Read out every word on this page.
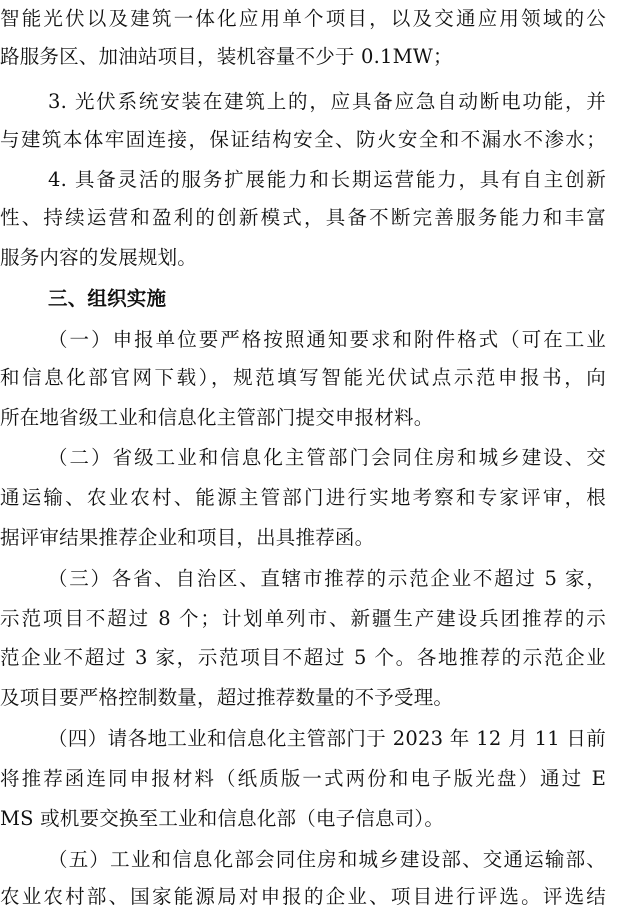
智能光伏以及建筑一体化应用单个项目，以及交通应用领域的公
路服务区、加油站项目，装机容量不少于 0.1MW；
3. 光伏系统安装在建筑上的，应具备应急自动断电功能，并
与建筑本体牢固连接，保证结构安全、防火安全和不漏水不渗水；
4. 具备灵活的服务扩展能力和长期运营能力，具有自主创新
性、持续运营和盈利的创新模式，具备不断完善服务能力和丰富
服务内容的发展规划。
三、组织实施
（一）申报单位要严格按照通知要求和附件格式（可在工业
和信息化部官网下载），规范填写智能光伏试点示范申报书，向
所在地省级工业和信息化主管部门提交申报材料。
（二）省级工业和信息化主管部门会同住房和城乡建设、交
通运输、农业农村、能源主管部门进行实地考察和专家评审，根
据评审结果推荐企业和项目，出具推荐函。
（三）各省、自治区、直辖市推荐的示范企业不超过 5 家，
示范项目不超过 8 个；计划单列市、新疆生产建设兵团推荐的示
范企业不超过 3 家，示范项目不超过 5 个。各地推荐的示范企业
及项目要严格控制数量，超过推荐数量的不予受理。
（四）请各地工业和信息化主管部门于 2023 年 12 月 11 日前
将推荐函连同申报材料（纸质版一式两份和电子版光盘）通过 E
MS 或机要交换至工业和信息化部（电子信息司）。
（五）工业和信息化部会同住房和城乡建设部、交通运输部、
农业农村部、国家能源局对申报的企业、项目进行评选。评选结
